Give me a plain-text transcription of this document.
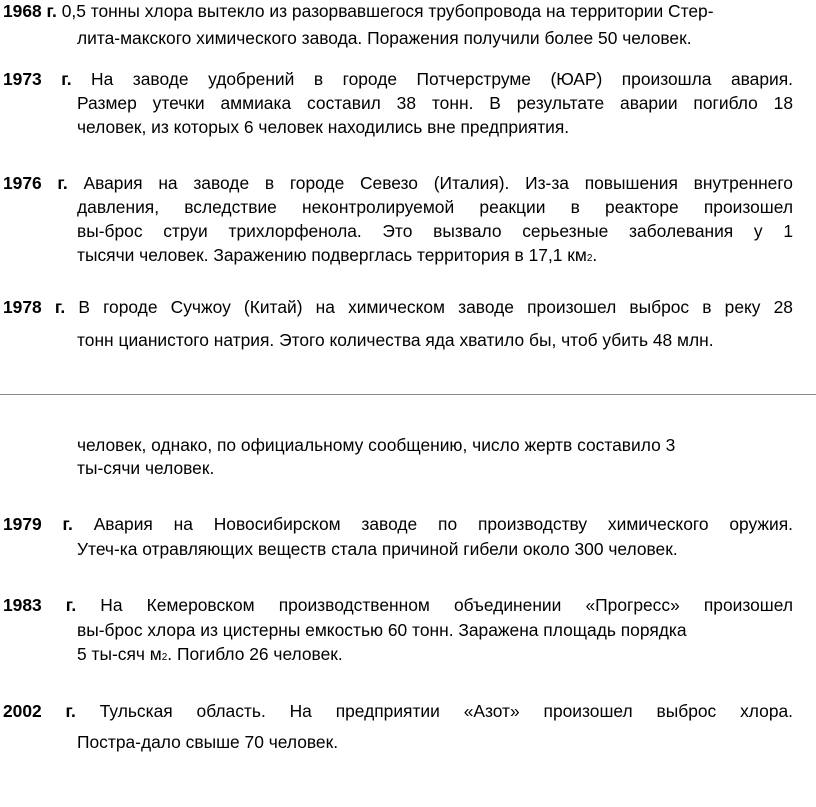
1968 г. 0,5 тонны хлора вытекло из разорвавшегося трубопровода на территории Стер-
лита-макского химического завода. Поражения получили более 50 человек.
1973 г. На заводе удобрений в городе Потчерструме (ЮАР) произошла авария.
Размер утечки аммиака составил 38 тонн. В результате аварии погибло 18
человек, из которых 6 человек находились вне предприятия.
1976 г. Авария на заводе в городе Севезо (Италия). Из-за повышения внутреннего
давления, вследствие неконтролируемой реакции в реакторе произошел
вы-брос струи трихлорфенола. Это вызвало серьезные заболевания у 1
тысячи человек. Заражению подверглась территория в 17,1 км2.
1978 г. В городе Сучжоу (Китай) на химическом заводе произошел выброс в реку 28
тонн цианистого натрия. Этого количества яда хватило бы, чтоб убить 48 млн.
человек, однако, по официальному сообщению, число жертв составило 3
ты-сячи человек.
1979 г. Авария на Новосибирском заводе по производству химического оружия.
Утеч-ка отравляющих веществ стала причиной гибели около 300 человек.
1983 г. На Кемеровском производственном объединении «Прогресс» произошел
вы-брос хлора из цистерны емкостью 60 тонн. Заражена площадь порядка
5 ты-сяч м2. Погибло 26 человек.
2002 г. Тульская область. На предприятии «Азот» произошел выброс хлора.
Постра-дало свыше 70 человек.
